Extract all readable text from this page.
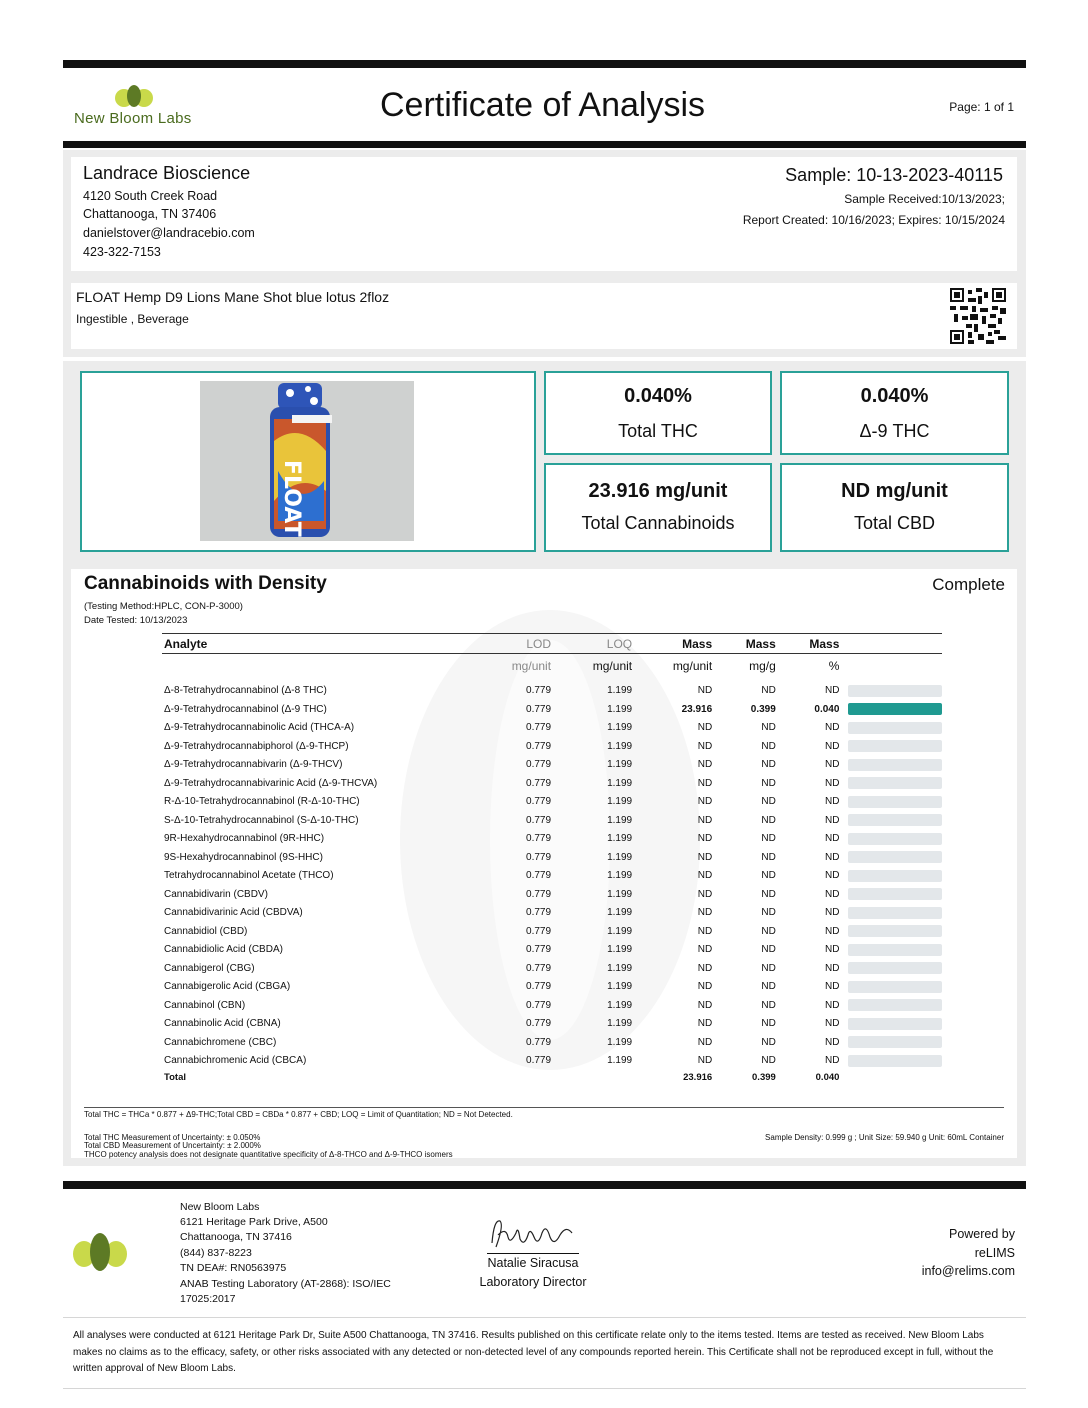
New Bloom Labs	Certificate of Analysis	Page: 1 of 1
Landrace Bioscience
4120 South Creek Road
Chattanooga, TN 37406
danielstover@landracebio.com
423-322-7153
Sample: 10-13-2023-40115
Sample Received:10/13/2023;
Report Created: 10/16/2023; Expires: 10/15/2024
FLOAT Hemp D9 Lions Mane Shot blue lotus 2floz
Ingestible , Beverage
FLOAT
0.040%
Total THC
0.040%
Δ-9 THC
23.916 mg/unit
Total Cannabinoids
ND mg/unit
Total CBD
Cannabinoids with Density	Complete
(Testing Method:HPLC, CON-P-3000)
Date Tested: 10/13/2023
Analyte	LOD	LOQ	Mass	Mass	Mass	
	mg/unit	mg/unit	mg/unit	mg/g	%	
Δ-8-Tetrahydrocannabinol (Δ-8 THC)	0.779	1.199	ND	ND	ND	

Δ-9-Tetrahydrocannabinol (Δ-9 THC)	0.779	1.199	23.916	0.399	0.040	

Δ-9-Tetrahydrocannabinolic Acid (THCA-A)	0.779	1.199	ND	ND	ND	

Δ-9-Tetrahydrocannabiphorol (Δ-9-THCP)	0.779	1.199	ND	ND	ND	

Δ-9-Tetrahydrocannabivarin (Δ-9-THCV)	0.779	1.199	ND	ND	ND	

Δ-9-Tetrahydrocannabivarinic Acid (Δ-9-THCVA)	0.779	1.199	ND	ND	ND	

R-Δ-10-Tetrahydrocannabinol (R-Δ-10-THC)	0.779	1.199	ND	ND	ND	

S-Δ-10-Tetrahydrocannabinol (S-Δ-10-THC)	0.779	1.199	ND	ND	ND	

9R-Hexahydrocannabinol (9R-HHC)	0.779	1.199	ND	ND	ND	

9S-Hexahydrocannabinol (9S-HHC)	0.779	1.199	ND	ND	ND	

Tetrahydrocannabinol Acetate (THCO)	0.779	1.199	ND	ND	ND	

Cannabidivarin (CBDV)	0.779	1.199	ND	ND	ND	

Cannabidivarinic Acid (CBDVA)	0.779	1.199	ND	ND	ND	

Cannabidiol (CBD)	0.779	1.199	ND	ND	ND	

Cannabidiolic Acid (CBDA)	0.779	1.199	ND	ND	ND	

Cannabigerol (CBG)	0.779	1.199	ND	ND	ND	

Cannabigerolic Acid (CBGA)	0.779	1.199	ND	ND	ND	

Cannabinol (CBN)	0.779	1.199	ND	ND	ND	

Cannabinolic Acid (CBNA)	0.779	1.199	ND	ND	ND	

Cannabichromene (CBC)	0.779	1.199	ND	ND	ND	

Cannabichromenic Acid (CBCA)	0.779	1.199	ND	ND	ND	

Total			23.916	0.399	0.040	
Total THC = THCa * 0.877 + Δ9-THC;Total CBD = CBDa * 0.877 + CBD; LOQ = Limit of Quantitation; ND = Not Detected.
Total THC Measurement of Uncertainty: ± 0.050%
Total CBD Measurement of Uncertainty: ± 2.000%
THCO potency analysis does not designate quantitative specificity of Δ-8-THCO and Δ-9-THCO isomers
Sample Density: 0.999 g ; Unit Size: 59.940 g Unit: 60mL Container
New Bloom Labs
6121 Heritage Park Drive, A500
Chattanooga, TN 37416
(844) 837-8223
TN DEA#: RN0563975
ANAB Testing Laboratory (AT-2868): ISO/IEC
17025:2017
Natalie Siracusa
Laboratory Director
Powered by
reLIMS
info@relims.com
All analyses were conducted at 6121 Heritage Park Dr, Suite A500 Chattanooga, TN 37416. Results published on this certificate relate only to the items tested. Items are tested as received. New Bloom Labs makes no claims as to the efficacy, safety, or other risks associated with any detected or non-detected level of any compounds reported herein. This Certificate shall not be reproduced except in full, without the written approval of New Bloom Labs.
